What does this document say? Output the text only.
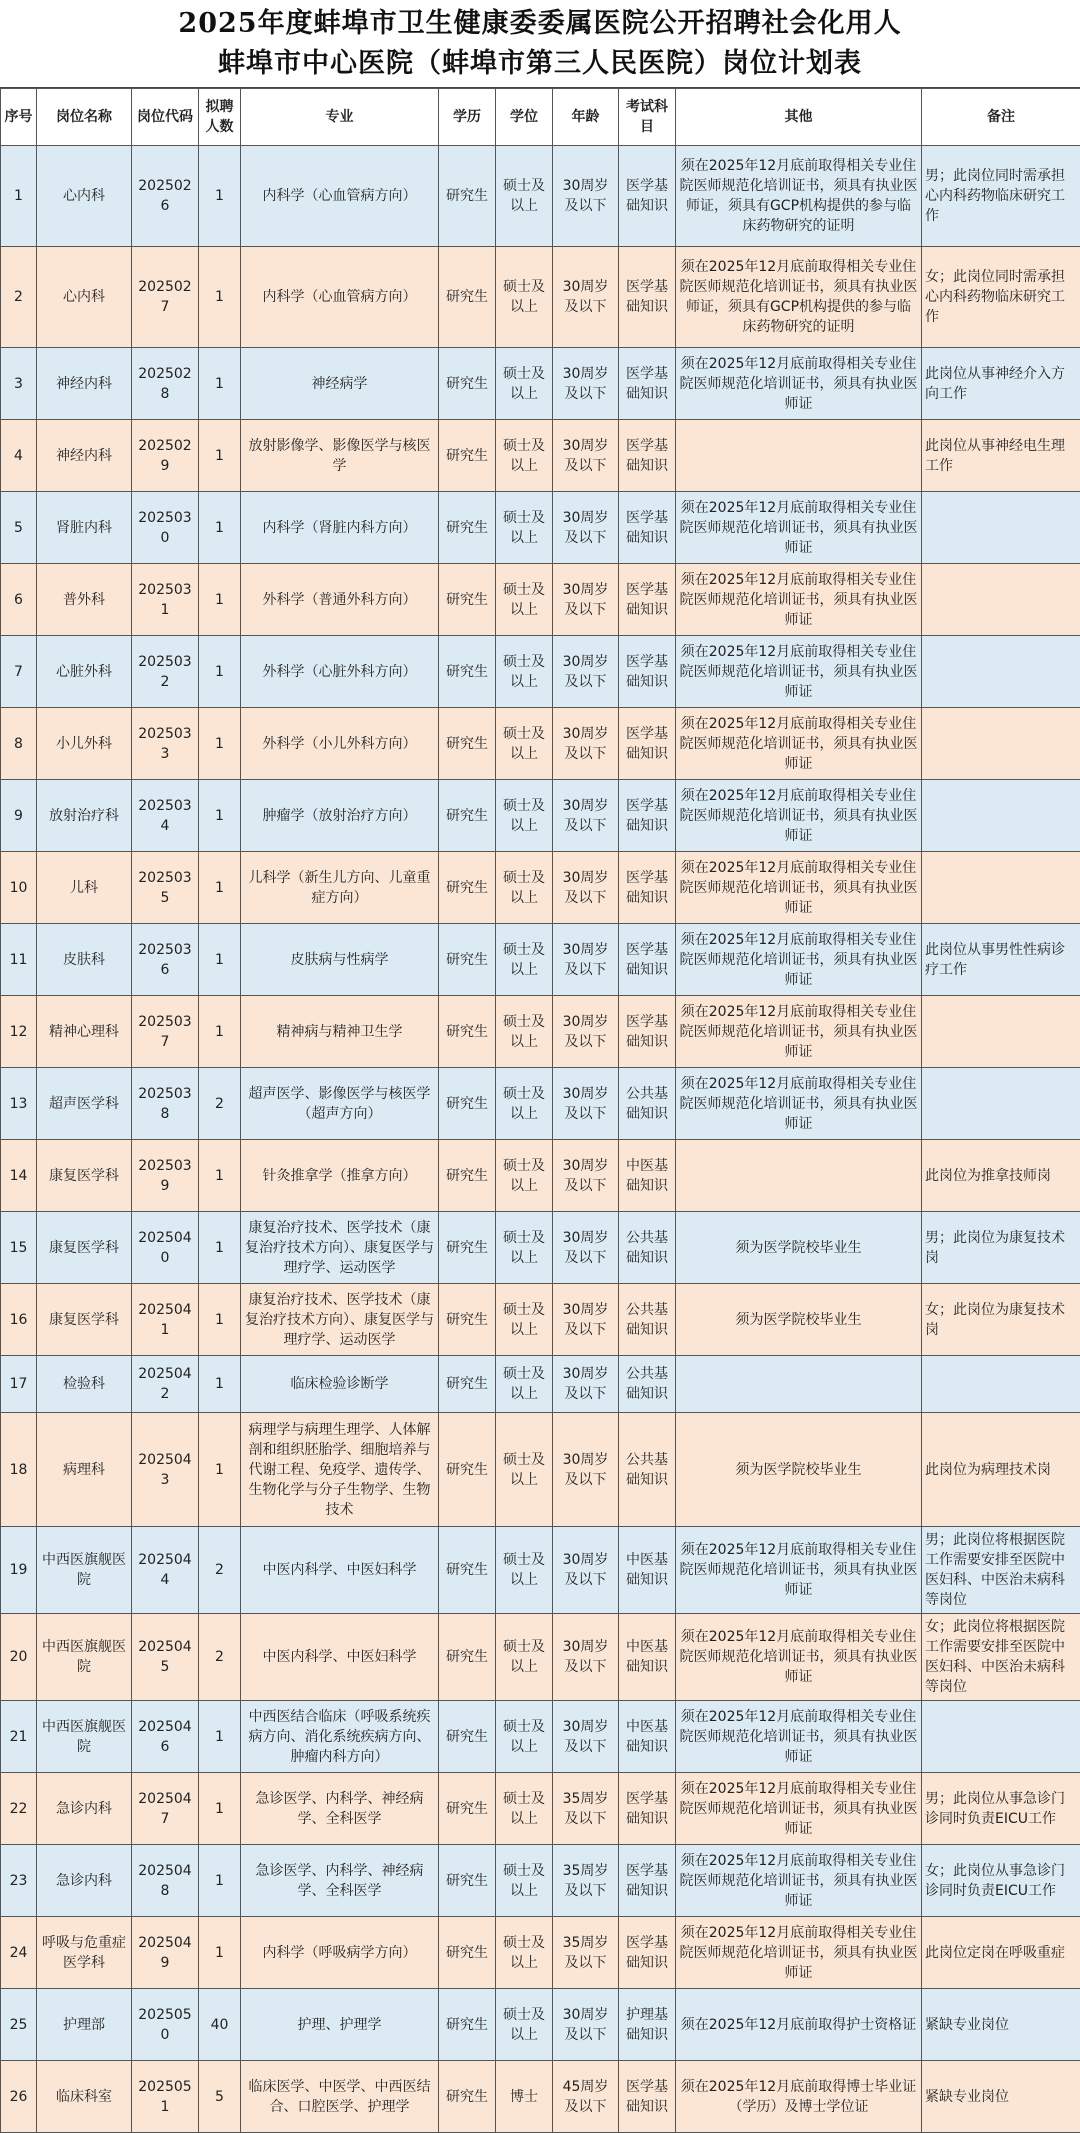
2025年度蚌埠市卫生健康委委属医院公开招聘社会化用人
蚌埠市中心医院（蚌埠市第三人民医院）岗位计划表
序号	岗位名称	岗位代码	拟聘人数	专业	学历	学位	年龄	考试科目	其他	备注
1	心内科	2025026	1	内科学（心血管病方向）	研究生	硕士及以上	30周岁及以下	医学基础知识	须在2025年12月底前取得相关专业住院医师规范化培训证书，须具有执业医师证，须具有GCP机构提供的参与临床药物研究的证明	男；此岗位同时需承担心内科药物临床研究工作
2	心内科	2025027	1	内科学（心血管病方向）	研究生	硕士及以上	30周岁及以下	医学基础知识	须在2025年12月底前取得相关专业住院医师规范化培训证书，须具有执业医师证，须具有GCP机构提供的参与临床药物研究的证明	女；此岗位同时需承担心内科药物临床研究工作
3	神经内科	2025028	1	神经病学	研究生	硕士及以上	30周岁及以下	医学基础知识	须在2025年12月底前取得相关专业住院医师规范化培训证书，须具有执业医师证	此岗位从事神经介入方向工作
4	神经内科	2025029	1	放射影像学、影像医学与核医学	研究生	硕士及以上	30周岁及以下	医学基础知识		此岗位从事神经电生理工作
5	肾脏内科	2025030	1	内科学（肾脏内科方向）	研究生	硕士及以上	30周岁及以下	医学基础知识	须在2025年12月底前取得相关专业住院医师规范化培训证书，须具有执业医师证	
6	普外科	2025031	1	外科学（普通外科方向）	研究生	硕士及以上	30周岁及以下	医学基础知识	须在2025年12月底前取得相关专业住院医师规范化培训证书，须具有执业医师证	
7	心脏外科	2025032	1	外科学（心脏外科方向）	研究生	硕士及以上	30周岁及以下	医学基础知识	须在2025年12月底前取得相关专业住院医师规范化培训证书，须具有执业医师证	
8	小儿外科	2025033	1	外科学（小儿外科方向）	研究生	硕士及以上	30周岁及以下	医学基础知识	须在2025年12月底前取得相关专业住院医师规范化培训证书，须具有执业医师证	
9	放射治疗科	2025034	1	肿瘤学（放射治疗方向）	研究生	硕士及以上	30周岁及以下	医学基础知识	须在2025年12月底前取得相关专业住院医师规范化培训证书，须具有执业医师证	
10	儿科	2025035	1	儿科学（新生儿方向、儿童重症方向）	研究生	硕士及以上	30周岁及以下	医学基础知识	须在2025年12月底前取得相关专业住院医师规范化培训证书，须具有执业医师证	
11	皮肤科	2025036	1	皮肤病与性病学	研究生	硕士及以上	30周岁及以下	医学基础知识	须在2025年12月底前取得相关专业住院医师规范化培训证书，须具有执业医师证	此岗位从事男性性病诊疗工作
12	精神心理科	2025037	1	精神病与精神卫生学	研究生	硕士及以上	30周岁及以下	医学基础知识	须在2025年12月底前取得相关专业住院医师规范化培训证书，须具有执业医师证	
13	超声医学科	2025038	2	超声医学、影像医学与核医学（超声方向）	研究生	硕士及以上	30周岁及以下	公共基础知识	须在2025年12月底前取得相关专业住院医师规范化培训证书，须具有执业医师证	
14	康复医学科	2025039	1	针灸推拿学（推拿方向）	研究生	硕士及以上	30周岁及以下	中医基础知识		此岗位为推拿技师岗
15	康复医学科	2025040	1	康复治疗技术、医学技术（康复治疗技术方向）、康复医学与理疗学、运动医学	研究生	硕士及以上	30周岁及以下	公共基础知识	须为医学院校毕业生	男；此岗位为康复技术岗
16	康复医学科	2025041	1	康复治疗技术、医学技术（康复治疗技术方向）、康复医学与理疗学、运动医学	研究生	硕士及以上	30周岁及以下	公共基础知识	须为医学院校毕业生	女；此岗位为康复技术岗
17	检验科	2025042	1	临床检验诊断学	研究生	硕士及以上	30周岁及以下	公共基础知识		
18	病理科	2025043	1	病理学与病理生理学、人体解剖和组织胚胎学、细胞培养与代谢工程、免疫学、遗传学、生物化学与分子生物学、生物技术	研究生	硕士及以上	30周岁及以下	公共基础知识	须为医学院校毕业生	此岗位为病理技术岗
19	中西医旗舰医院	2025044	2	中医内科学、中医妇科学	研究生	硕士及以上	30周岁及以下	中医基础知识	须在2025年12月底前取得相关专业住院医师规范化培训证书，须具有执业医师证	男；此岗位将根据医院工作需要安排至医院中医妇科、中医治未病科等岗位
20	中西医旗舰医院	2025045	2	中医内科学、中医妇科学	研究生	硕士及以上	30周岁及以下	中医基础知识	须在2025年12月底前取得相关专业住院医师规范化培训证书，须具有执业医师证	女；此岗位将根据医院工作需要安排至医院中医妇科、中医治未病科等岗位
21	中西医旗舰医院	2025046	1	中西医结合临床（呼吸系统疾病方向、消化系统疾病方向、肿瘤内科方向）	研究生	硕士及以上	30周岁及以下	中医基础知识	须在2025年12月底前取得相关专业住院医师规范化培训证书，须具有执业医师证	
22	急诊内科	2025047	1	急诊医学、内科学、神经病学、全科医学	研究生	硕士及以上	35周岁及以下	医学基础知识	须在2025年12月底前取得相关专业住院医师规范化培训证书，须具有执业医师证	男；此岗位从事急诊门诊同时负责EICU工作
23	急诊内科	2025048	1	急诊医学、内科学、神经病学、全科医学	研究生	硕士及以上	35周岁及以下	医学基础知识	须在2025年12月底前取得相关专业住院医师规范化培训证书，须具有执业医师证	女；此岗位从事急诊门诊同时负责EICU工作
24	呼吸与危重症医学科	2025049	1	内科学（呼吸病学方向）	研究生	硕士及以上	35周岁及以下	医学基础知识	须在2025年12月底前取得相关专业住院医师规范化培训证书，须具有执业医师证	此岗位定岗在呼吸重症
25	护理部	2025050	40	护理、护理学	研究生	硕士及以上	30周岁及以下	护理基础知识	须在2025年12月底前取得护士资格证	紧缺专业岗位
26	临床科室	2025051	5	临床医学、中医学、中西医结合、口腔医学、护理学	研究生	博士	45周岁及以下	医学基础知识	须在2025年12月底前取得博士毕业证（学历）及博士学位证	紧缺专业岗位
